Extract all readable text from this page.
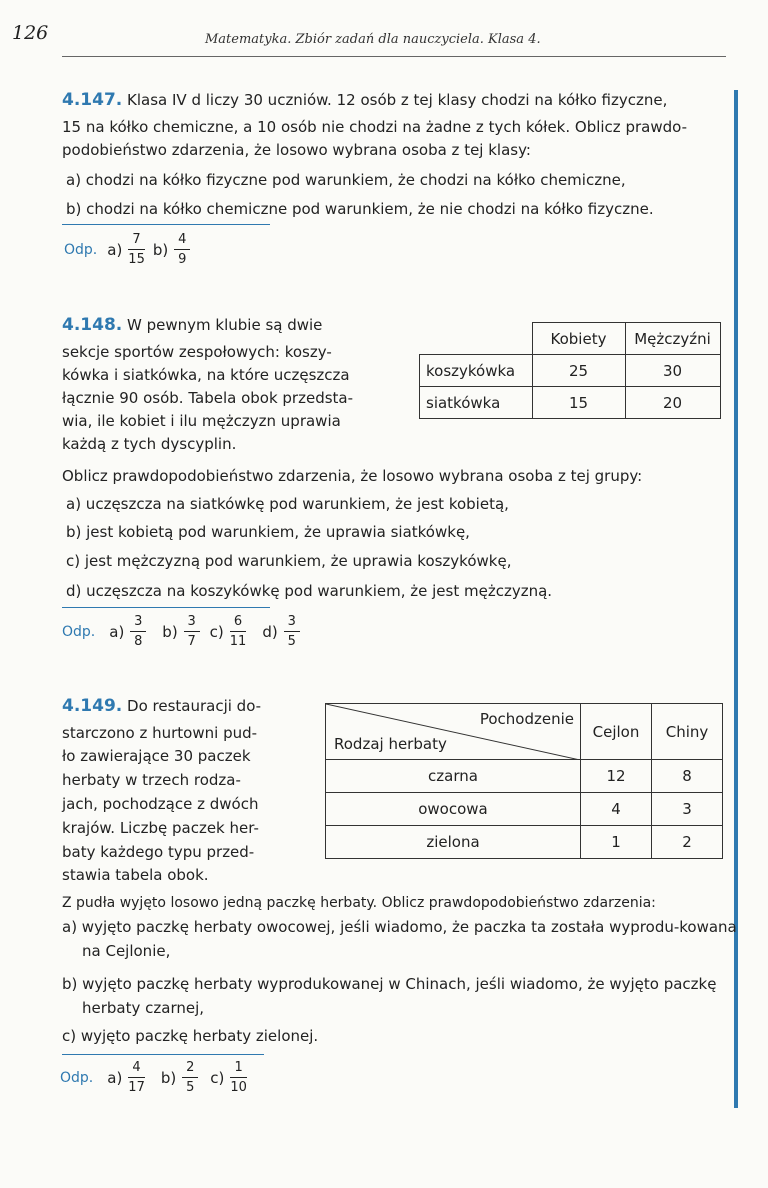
126	Matematyka. Zbiór zadań dla nauczyciela. Klasa 4.
4.147. Klasa IV d liczy 30 uczniów. 12 osób z tej klasy chodzi na kółko fizyczne,
15 na kółko chemiczne, a 10 osób nie chodzi na żadne z tych kółek. Oblicz prawdo-
podobieństwo zdarzenia, że losowo wybrana osoba z tej klasy:
a) chodzi na kółko fizyczne pod warunkiem, że chodzi na kółko chemiczne,
b) chodzi na kółko chemiczne pod warunkiem, że nie chodzi na kółko fizyczne.
Odp. $a) \frac{7}{15} b) \frac{4}{9}$
4.148. W pewnym klubie są dwie
sekcje sportów zespołowych: koszy-
kówka i siatkówka, na które uczęszcza
łącznie 90 osób. Tabela obok przedsta-
wia, ile kobiet i ilu mężczyzn uprawia
każdą z tych dyscyplin.
	Kobiety	Mężczyźni
koszykówka	25	30
siatkówka	15	20
Oblicz prawdopodobieństwo zdarzenia, że losowo wybrana osoba z tej grupy:
a) uczęszcza na siatkówkę pod warunkiem, że jest kobietą,
b) jest kobietą pod warunkiem, że uprawia siatkówkę,
c) jest mężczyzną pod warunkiem, że uprawia koszykówkę,
d) uczęszcza na koszykówkę pod warunkiem, że jest mężczyzną.
Odp. $a) \frac{3}{8} b) \frac{3}{7} c) \frac{6}{11} d) \frac{3}{5}$
4.149. Do restauracji do-
starczono z hurtowni pud-
ło zawierające 30 paczek
herbaty w trzech rodza-
jach, pochodzące z dwóch
krajów. Liczbę paczek her-
baty każdego typu przed-
stawia tabela obok.
Pochodzenie
Rodzaj herbaty	Cejlon	Chiny
czarna	12	8
owocowa	4	3
zielona	1	2
Z pudła wyjęto losowo jedną paczkę herbaty. Oblicz prawdopodobieństwo zdarzenia:
a) wyjęto paczkę herbaty owocowej, jeśli wiadomo, że paczka ta została wyprodu-kowana na Cejlonie,
b) wyjęto paczkę herbaty wyprodukowanej w Chinach, jeśli wiadomo, że wyjęto paczkę herbaty czarnej,
c) wyjęto paczkę herbaty zielonej.
Odp. $a) \frac{4}{17} b) \frac{2}{5} c) \frac{1}{10}$
